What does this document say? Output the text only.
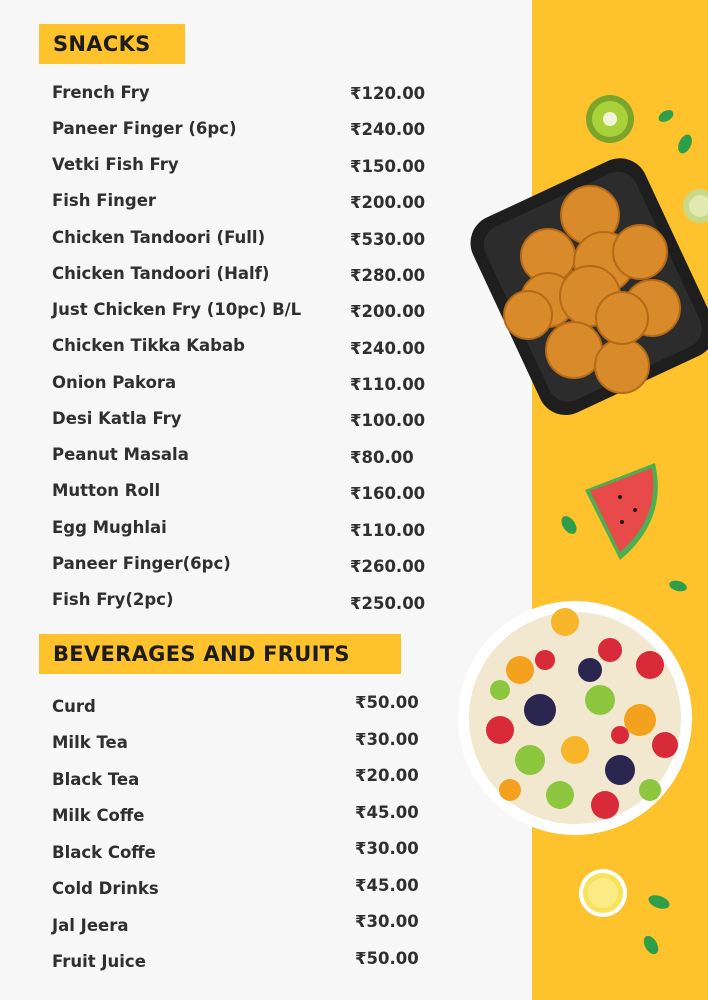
SNACKS
French Fry	₹120.00
Paneer Finger (6pc)	₹240.00
Vetki Fish Fry	₹150.00
Fish Finger	₹200.00
Chicken Tandoori (Full)	₹530.00
Chicken Tandoori (Half)	₹280.00
Just Chicken Fry (10pc) B/L	₹200.00
Chicken Tikka Kabab	₹240.00
Onion Pakora	₹110.00
Desi Katla Fry	₹100.00
Peanut Masala	₹80.00
Mutton Roll	₹160.00
Egg Mughlai	₹110.00
Paneer Finger(6pc)	₹260.00
Fish Fry(2pc)	₹250.00
BEVERAGES AND FRUITS
Curd	₹50.00
Milk Tea	₹30.00
Black Tea	₹20.00
Milk Coffe	₹45.00
Black Coffe	₹30.00
Cold Drinks	₹45.00
Jal Jeera	₹30.00
Fruit Juice	₹50.00
